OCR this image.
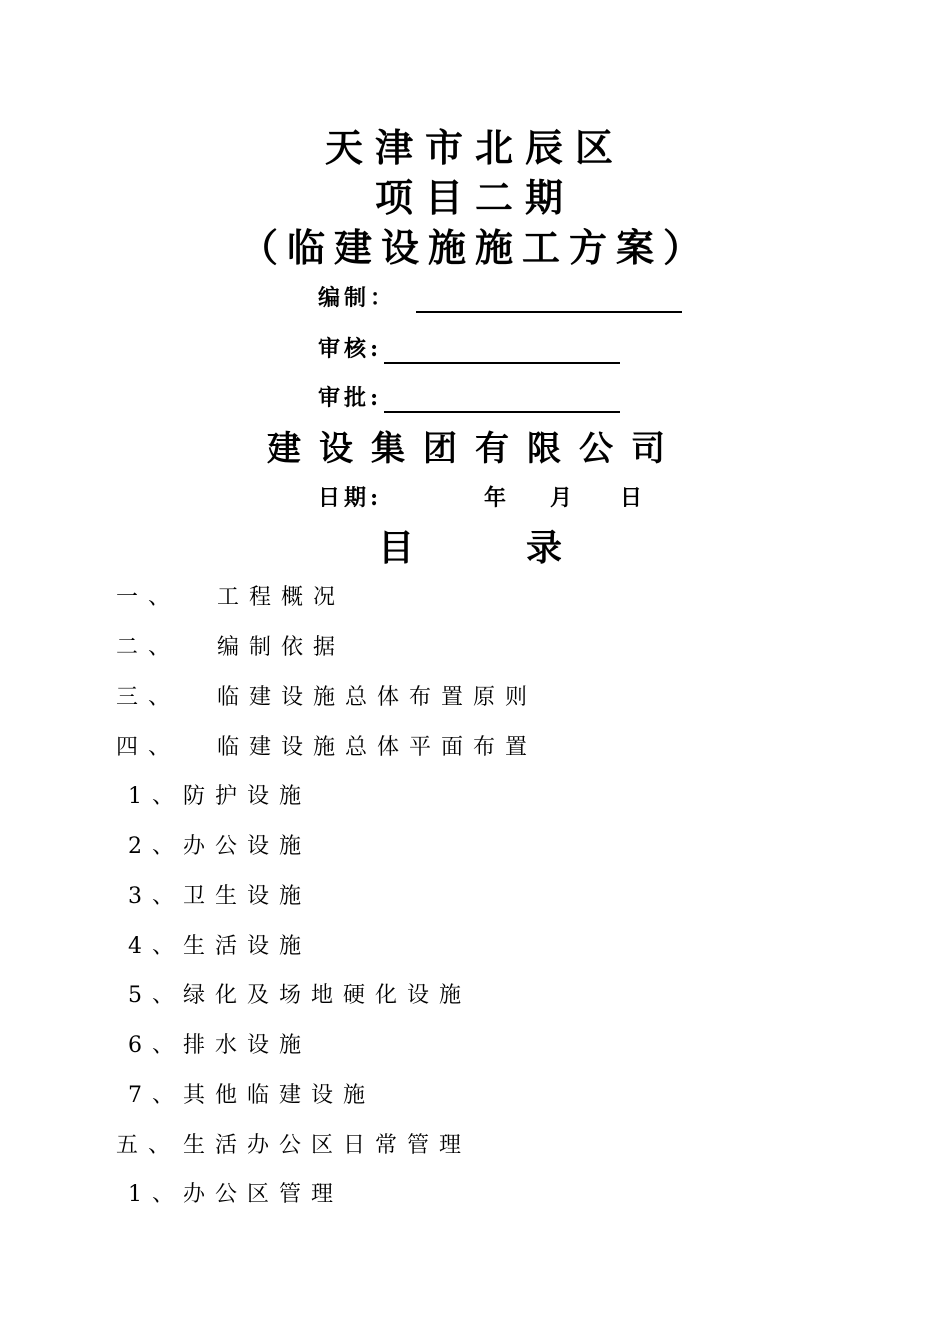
天津市北辰区
项目二期
（临建设施施工方案）
编制：
审核:
审批:
建设集团有限公司
日期:	年 月 日
目	录
一、 工程概况
二、 编制依据
三、 临建设施总体布置原则
四、 临建设施总体平面布置
1、 防护设施
2、 办公设施
3、 卫生设施
4、 生活设施
5、 绿化及场地硬化设施
6、 排水设施
7、 其他临建设施
五、 生活办公区日常管理
1、 办公区管理
